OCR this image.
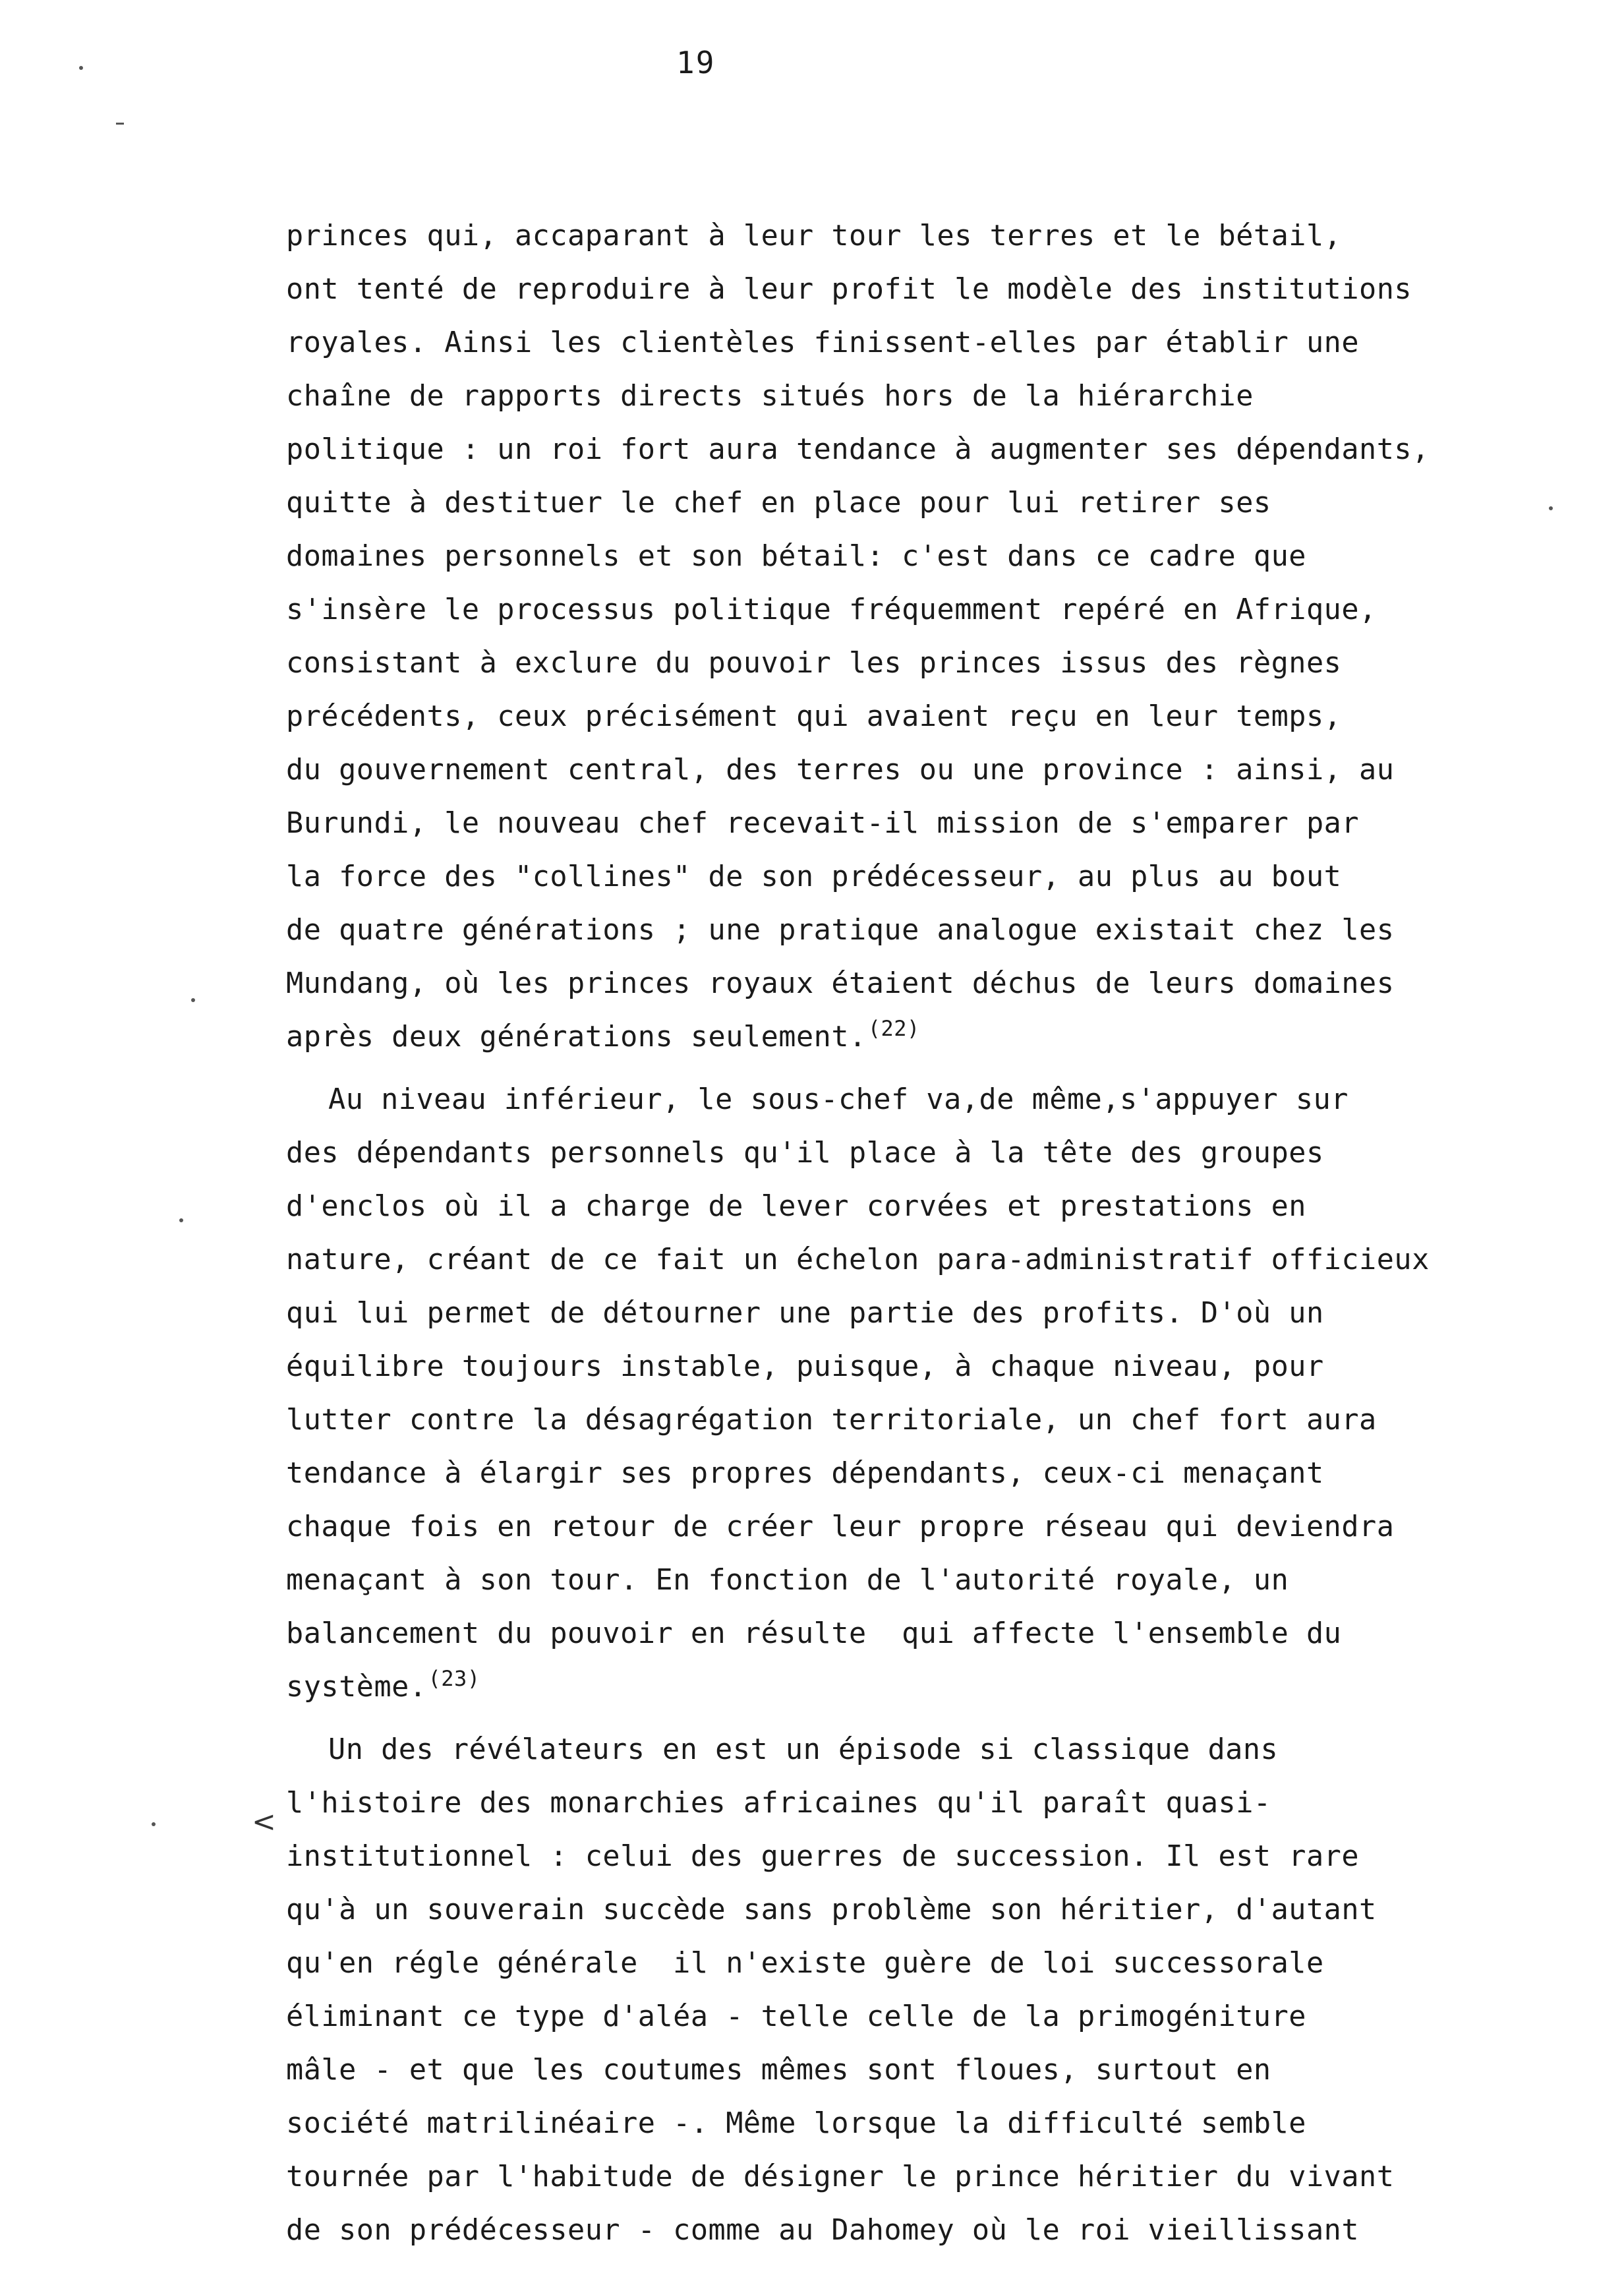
19
<
princes qui, accaparant à leur tour les terres et le bétail,
ont tenté de reproduire à leur profit le modèle des institutions
royales. Ainsi les clientèles finissent-elles par établir une
chaîne de rapports directs situés hors de la hiérarchie
politique : un roi fort aura tendance à augmenter ses dépendants,
quitte à destituer le chef en place pour lui retirer ses
domaines personnels et son bétail: c'est dans ce cadre que
s'insère le processus politique fréquemment repéré en Afrique,
consistant à exclure du pouvoir les princes issus des règnes
précédents, ceux précisément qui avaient reçu en leur temps,
du gouvernement central, des terres ou une province : ainsi, au
Burundi, le nouveau chef recevait-il mission de s'emparer par
la force des "collines" de son prédécesseur, au plus au bout
de quatre générations ; une pratique analogue existait chez les
Mundang, où les princes royaux étaient déchus de leurs domaines
après deux générations seulement.$^{(22)}$
Au niveau inférieur, le sous-chef va,de même,s'appuyer sur
des dépendants personnels qu'il place à la tête des groupes
d'enclos où il a charge de lever corvées et prestations en
nature, créant de ce fait un échelon para-administratif officieux
qui lui permet de détourner une partie des profits. D'où un
équilibre toujours instable, puisque, à chaque niveau, pour
lutter contre la désagrégation territoriale, un chef fort aura
tendance à élargir ses propres dépendants, ceux-ci menaçant
chaque fois en retour de créer leur propre réseau qui deviendra
menaçant à son tour. En fonction de l'autorité royale, un
balancement du pouvoir en résulte  qui affecte l'ensemble du
système.$^{(23)}$
Un des révélateurs en est un épisode si classique dans
l'histoire des monarchies africaines qu'il paraît quasi-
institutionnel : celui des guerres de succession. Il est rare
qu'à un souverain succède sans problème son héritier, d'autant
qu'en régle générale  il n'existe guère de loi successorale
éliminant ce type d'aléa - telle celle de la primogéniture
mâle - et que les coutumes mêmes sont floues, surtout en
société matrilinéaire -. Même lorsque la difficulté semble
tournée par l'habitude de désigner le prince héritier du vivant
de son prédécesseur - comme au Dahomey où le roi vieillissant
